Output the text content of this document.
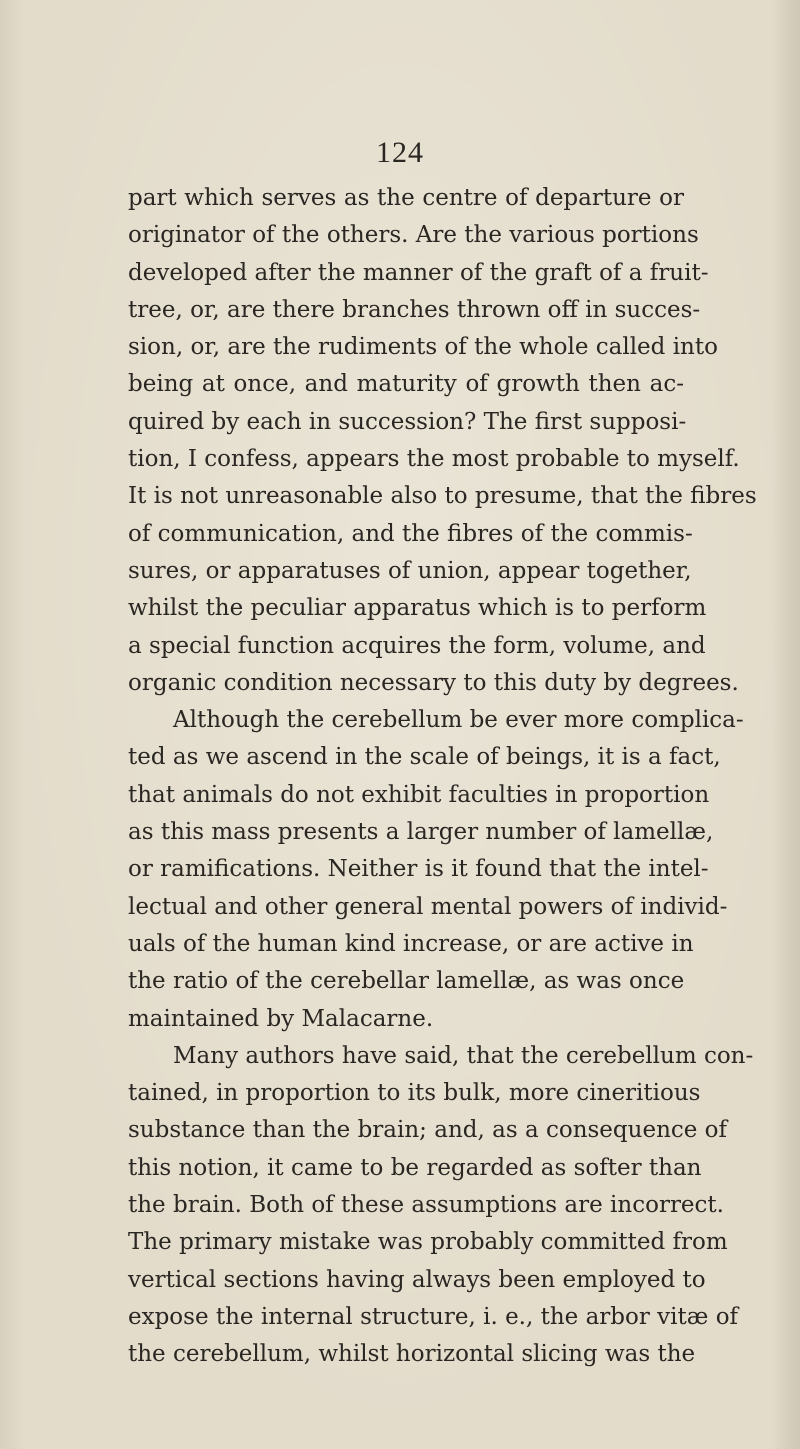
124
part which serves as the centre of departure or
originator of the others. Are the various portions
developed after the manner of the graft of a fruit-
tree, or, are there branches thrown off in succes-
sion, or, are the rudiments of the whole called into
being at once, and maturity of growth then ac-
quired by each in succession? The first supposi-
tion, I confess, appears the most probable to myself.
It is not unreasonable also to presume, that the fibres
of communication, and the fibres of the commis-
sures, or apparatuses of union, appear together,
whilst the peculiar apparatus which is to perform
a special function acquires the form, volume, and
organic condition necessary to this duty by degrees.
Although the cerebellum be ever more complica-
ted as we ascend in the scale of beings, it is a fact,
that animals do not exhibit faculties in proportion
as this mass presents a larger number of lamellæ,
or ramifications. Neither is it found that the intel-
lectual and other general mental powers of individ-
uals of the human kind increase, or are active in
the ratio of the cerebellar lamellæ, as was once
maintained by Malacarne.
Many authors have said, that the cerebellum con-
tained, in proportion to its bulk, more cineritious
substance than the brain; and, as a consequence of
this notion, it came to be regarded as softer than
the brain. Both of these assumptions are incorrect.
The primary mistake was probably committed from
vertical sections having always been employed to
expose the internal structure, i. e., the arbor vitæ of
the cerebellum, whilst horizontal slicing was the
